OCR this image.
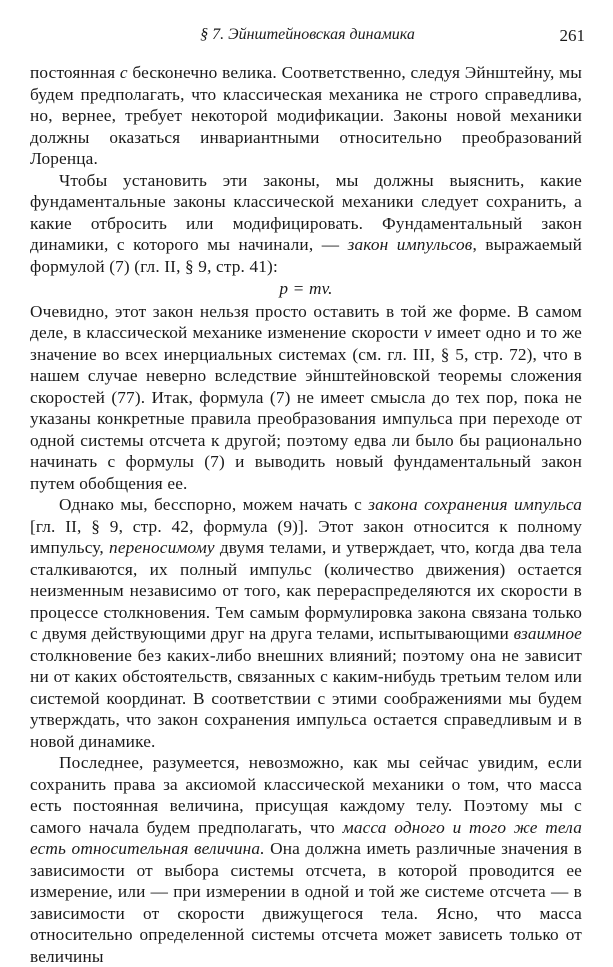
§ 7. Эйнштейновская динамика	261

постоянная c бесконечно велика. Соответственно, следуя Эйнштейну, мы будем предполагать, что классическая механика не строго справедлива, но, вернее, требует некоторой модификации. Законы новой механики должны оказаться инвариантными относительно преобразований Лоренца.

Чтобы установить эти законы, мы должны выяснить, какие фундаментальные законы классической механики следует сохранить, а какие отбросить или модифицировать. Фундаментальный закон динамики, с которого мы начинали, — закон импульсов, выражаемый формулой (7) (гл. II, § 9, стр. 41):

p = mv.

Очевидно, этот закон нельзя просто оставить в той же форме. В самом деле, в классической механике изменение скорости v имеет одно и то же значение во всех инерциальных системах (см. гл. III, § 5, стр. 72), что в нашем случае неверно вследствие эйнштейновской теоремы сложения скоростей (77). Итак, формула (7) не имеет смысла до тех пор, пока не указаны конкретные правила преобразования импульса при переходе от одной системы отсчета к другой; поэтому едва ли было бы рационально начинать с формулы (7) и выводить новый фундаментальный закон путем обобщения ее.

Однако мы, бесспорно, можем начать с закона сохранения импульса [гл. II, § 9, стр. 42, формула (9)]. Этот закон относится к полному импульсу, переносимому двумя телами, и утверждает, что, когда два тела сталкиваются, их полный импульс (количество движения) остается неизменным независимо от того, как перераспределяются их скорости в процессе столкновения. Тем самым формулировка закона связана только с двумя действующими друг на друга телами, испытывающими взаимное столкновение без каких-либо внешних влияний; поэтому она не зависит ни от каких обстоятельств, связанных с каким-нибудь третьим телом или системой координат. В соответствии с этими соображениями мы будем утверждать, что закон сохранения импульса остается справедливым и в новой динамике.

Последнее, разумеется, невозможно, как мы сейчас увидим, если сохранить права за аксиомой классической механики о том, что масса есть постоянная величина, присущая каждому телу. Поэтому мы с самого начала будем предполагать, что масса одного и того же тела есть относительная величина. Она должна иметь различные значения в зависимости от выбора системы отсчета, в которой проводится ее измерение, или — при измерении в одной и той же системе отсчета — в зависимости от скорости движущегося тела. Ясно, что масса относительно определенной системы отсчета может зависеть только от величины
